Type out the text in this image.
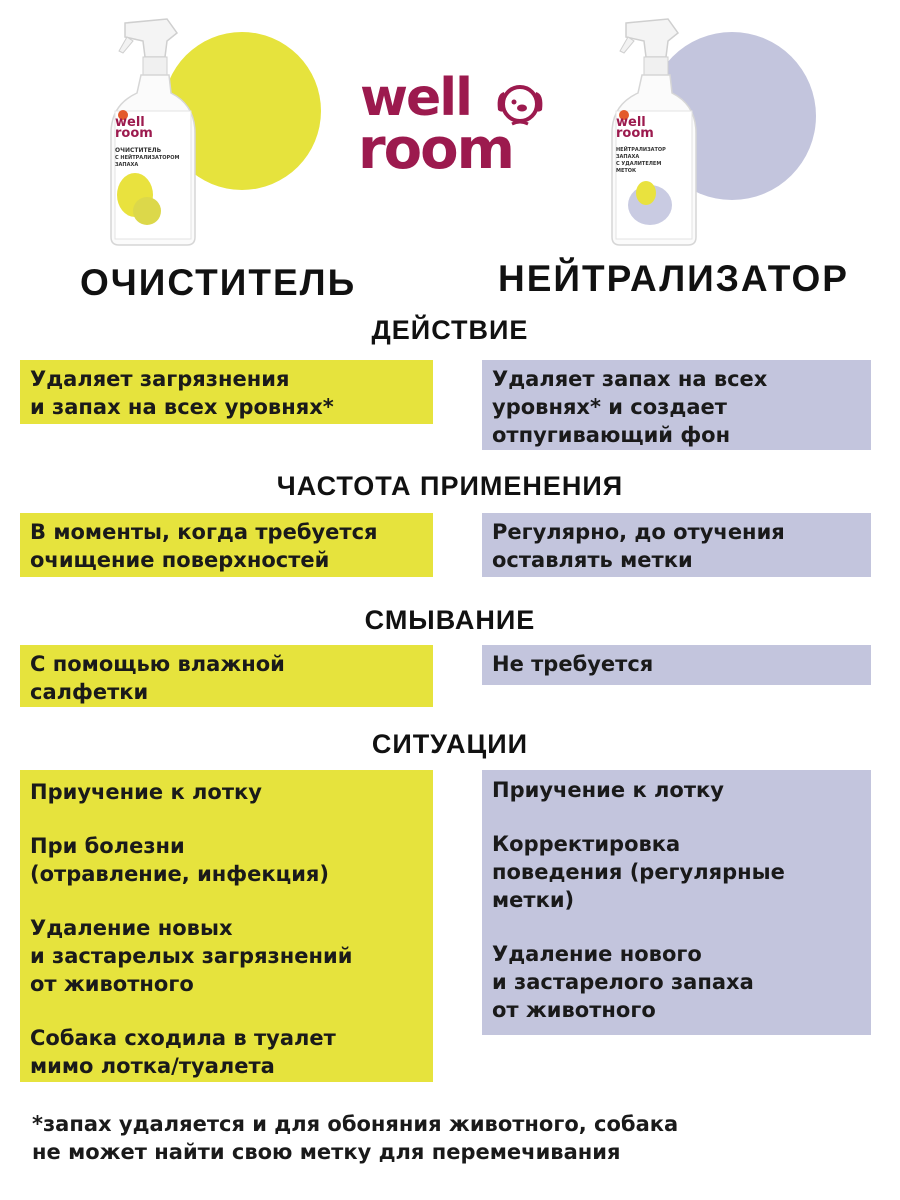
well
room
ОЧИСТИТЕЛЬ
С НЕЙТРАЛИЗАТОРОМ
ЗАПАХА
well
room
НЕЙТРАЛИЗАТОР
ЗАПАХА
С УДАЛИТЕЛЕМ
МЕТОК
well
room
ОЧИСТИТЕЛЬ	НЕЙТРАЛИЗАТОР
ДЕЙСТВИЕ
Удаляет загрязнения
и запах на всех уровнях*
Удаляет запах на всех
уровнях* и создает
отпугивающий фон
ЧАСТОТА ПРИМЕНЕНИЯ
В моменты, когда требуется
очищение поверхностей
Регулярно, до отучения
оставлять метки
СМЫВАНИЕ
С помощью влажной
салфетки
Не требуется
СИТУАЦИИ
Приучение к лотку
При болезни
(отравление, инфекция)
Удаление новых
и застарелых загрязнений
от животного
Собака сходила в туалет
мимо лотка/туалета
Приучение к лотку
Корректировка
поведения (регулярные
метки)
Удаление нового
и застарелого запаха
от животного
*запах удаляется и для обоняния животного, собака
не может найти свою метку для перемечивания
